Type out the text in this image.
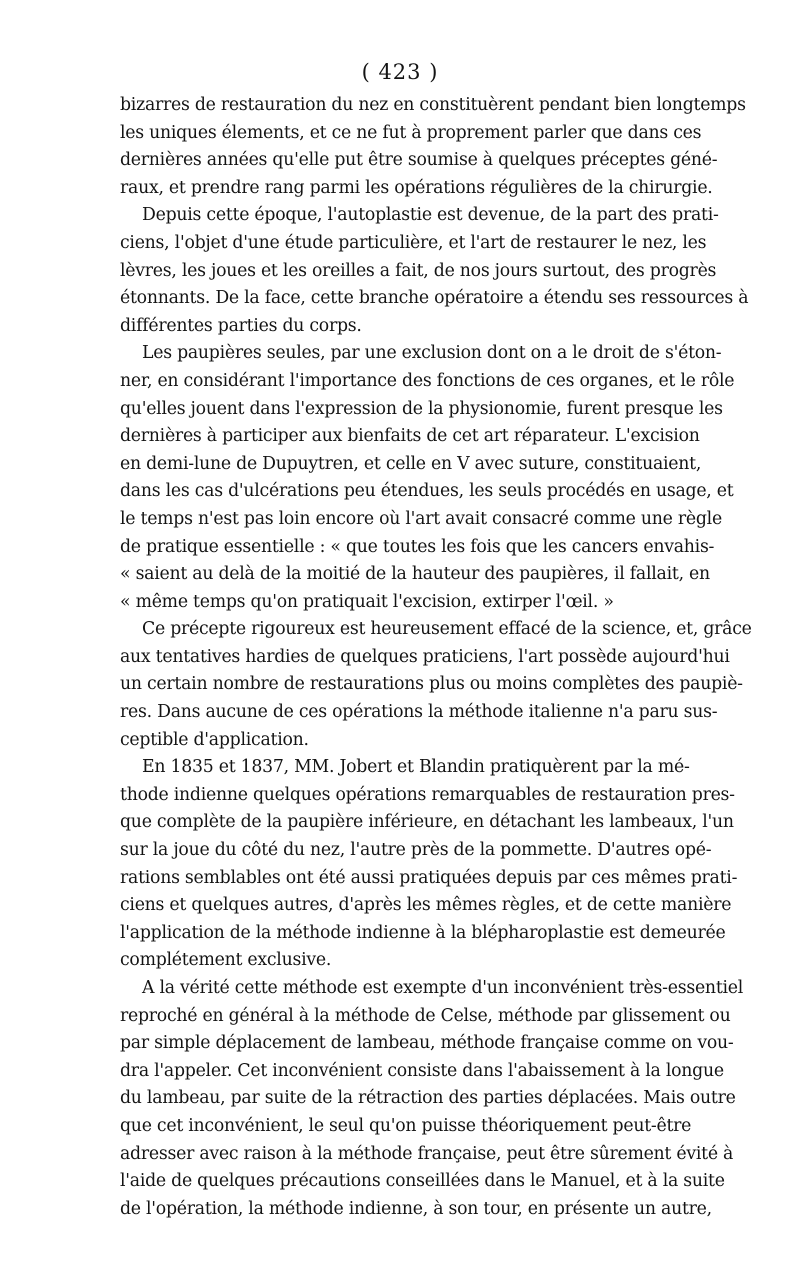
( 423 )
bizarres de restauration du nez en constituèrent pendant bien longtemps
les uniques élements, et ce ne fut à proprement parler que dans ces
dernières années qu'elle put être soumise à quelques préceptes géné-
raux, et prendre rang parmi les opérations régulières de la chirurgie.
Depuis cette époque, l'autoplastie est devenue, de la part des prati-
ciens, l'objet d'une étude particulière, et l'art de restaurer le nez, les
lèvres, les joues et les oreilles a fait, de nos jours surtout, des progrès
étonnants. De la face, cette branche opératoire a étendu ses ressources à
différentes parties du corps.
Les paupières seules, par une exclusion dont on a le droit de s'éton-
ner, en considérant l'importance des fonctions de ces organes, et le rôle
qu'elles jouent dans l'expression de la physionomie, furent presque les
dernières à participer aux bienfaits de cet art réparateur. L'excision
en demi-lune de Dupuytren, et celle en V avec suture, constituaient,
dans les cas d'ulcérations peu étendues, les seuls procédés en usage, et
le temps n'est pas loin encore où l'art avait consacré comme une règle
de pratique essentielle : « que toutes les fois que les cancers envahis-
« saient au delà de la moitié de la hauteur des paupières, il fallait, en
« même temps qu'on pratiquait l'excision, extirper l'œil. »
Ce précepte rigoureux est heureusement effacé de la science, et, grâce
aux tentatives hardies de quelques praticiens, l'art possède aujourd'hui
un certain nombre de restaurations plus ou moins complètes des paupiè-
res. Dans aucune de ces opérations la méthode italienne n'a paru sus-
ceptible d'application.
En 1835 et 1837, MM. Jobert et Blandin pratiquèrent par la mé-
thode indienne quelques opérations remarquables de restauration pres-
que complète de la paupière inférieure, en détachant les lambeaux, l'un
sur la joue du côté du nez, l'autre près de la pommette. D'autres opé-
rations semblables ont été aussi pratiquées depuis par ces mêmes prati-
ciens et quelques autres, d'après les mêmes règles, et de cette manière
l'application de la méthode indienne à la blépharoplastie est demeurée
complétement exclusive.
A la vérité cette méthode est exempte d'un inconvénient très-essentiel
reproché en général à la méthode de Celse, méthode par glissement ou
par simple déplacement de lambeau, méthode française comme on vou-
dra l'appeler. Cet inconvénient consiste dans l'abaissement à la longue
du lambeau, par suite de la rétraction des parties déplacées. Mais outre
que cet inconvénient, le seul qu'on puisse théoriquement peut-être
adresser avec raison à la méthode française, peut être sûrement évité à
l'aide de quelques précautions conseillées dans le Manuel, et à la suite
de l'opération, la méthode indienne, à son tour, en présente un autre,
